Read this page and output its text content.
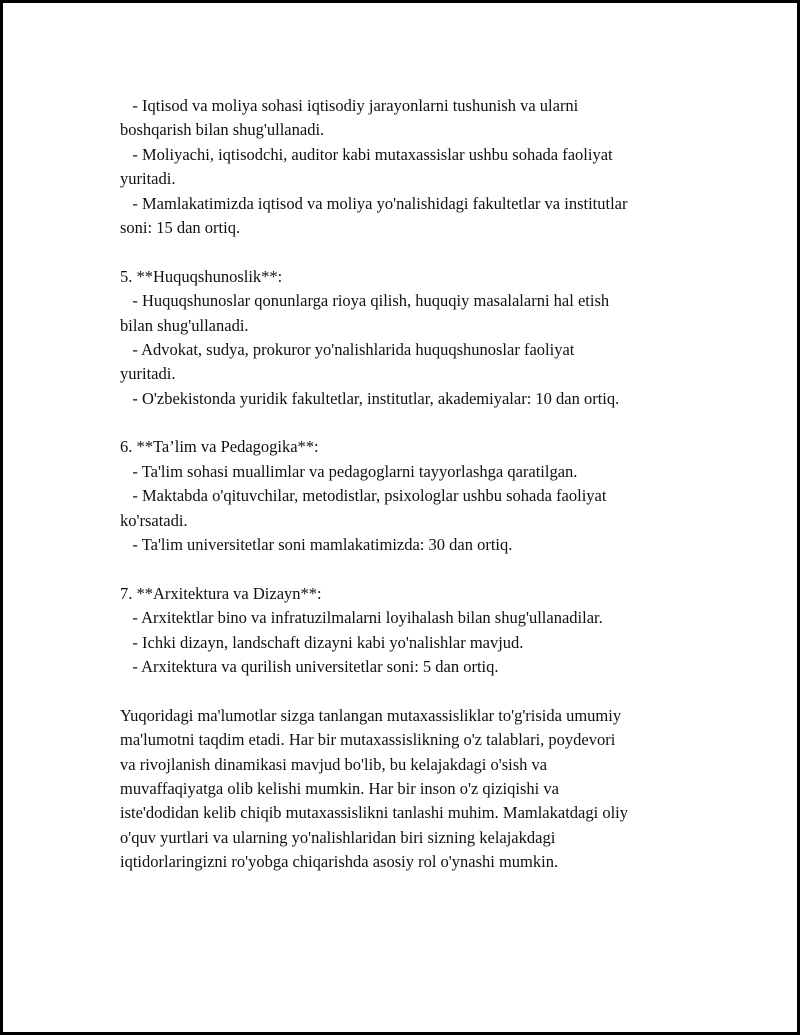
- Iqtisod va moliya sohasi iqtisodiy jarayonlarni tushunish va ularni
boshqarish bilan shug'ullanadi.
- Moliyachi, iqtisodchi, auditor kabi mutaxassislar ushbu sohada faoliyat
yuritadi.
- Mamlakatimizda iqtisod va moliya yo'nalishidagi fakultetlar va institutlar
soni: 15 dan ortiq.
5. **Huquqshunoslik**:
- Huquqshunoslar qonunlarga rioya qilish, huquqiy masalalarni hal etish
bilan shug'ullanadi.
- Advokat, sudya, prokuror yo'nalishlarida huquqshunoslar faoliyat
yuritadi.
- O'zbekistonda yuridik fakultetlar, institutlar, akademiyalar: 10 dan ortiq.
6. **Ta’lim va Pedagogika**:
- Ta'lim sohasi muallimlar va pedagoglarni tayyorlashga qaratilgan.
- Maktabda o'qituvchilar, metodistlar, psixologlar ushbu sohada faoliyat
ko'rsatadi.
- Ta'lim universitetlar soni mamlakatimizda: 30 dan ortiq.
7. **Arxitektura va Dizayn**:
- Arxitektlar bino va infratuzilmalarni loyihalash bilan shug'ullanadilar.
- Ichki dizayn, landschaft dizayni kabi yo'nalishlar mavjud.
- Arxitektura va qurilish universitetlar soni: 5 dan ortiq.
Yuqoridagi ma'lumotlar sizga tanlangan mutaxassisliklar to'g'risida umumiy
ma'lumotni taqdim etadi. Har bir mutaxassislikning o'z talablari, poydevori
va rivojlanish dinamikasi mavjud bo'lib, bu kelajakdagi o'sish va
muvaffaqiyatga olib kelishi mumkin. Har bir inson o'z qiziqishi va
iste'dodidan kelib chiqib mutaxassislikni tanlashi muhim. Mamlakatdagi oliy
o'quv yurtlari va ularning yo'nalishlaridan biri sizning kelajakdagi
iqtidorlaringizni ro'yobga chiqarishda asosiy rol o'ynashi mumkin.
